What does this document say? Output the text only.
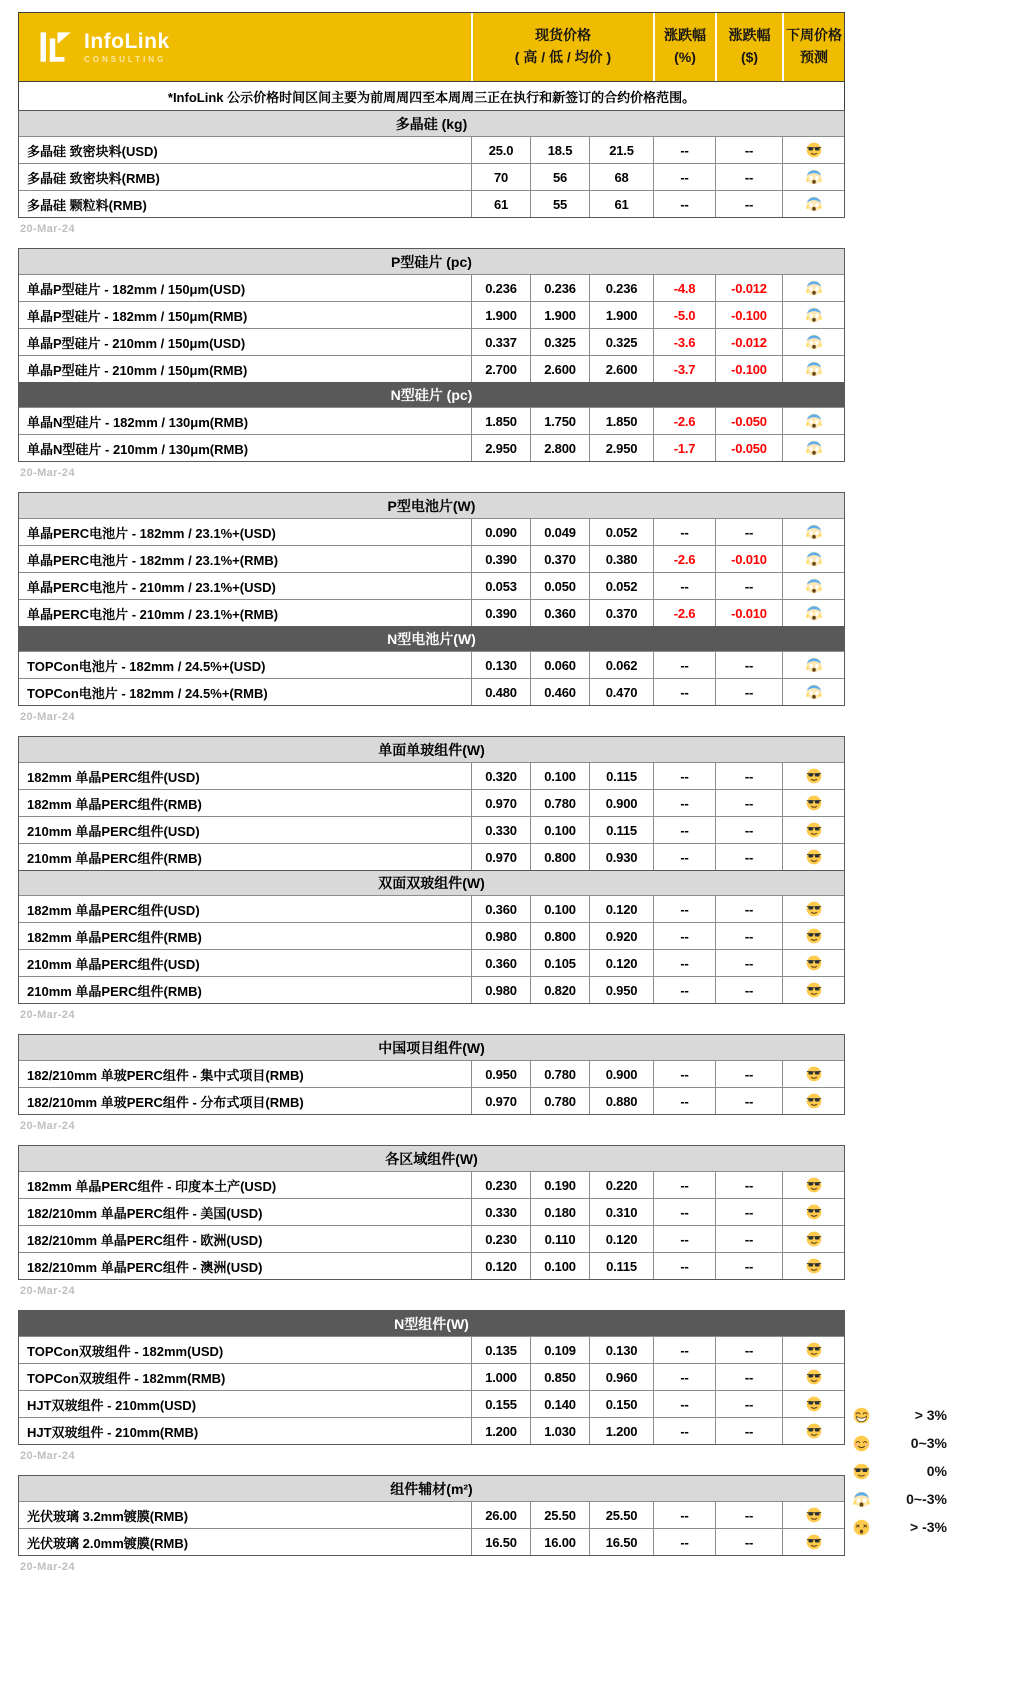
InfoLink
CONSULTING
现货价格
( 高 / 低 / 均价 )
涨跌幅
(%)
涨跌幅
($)
下周价格
预测
*InfoLink 公示价格时间区间主要为前周周四至本周周三正在执行和新签订的合约价格范围。
多晶硅 (kg)
多晶硅 致密块料(USD)	25.0	18.5	21.5	--	--
多晶硅 致密块料(RMB)	70	56	68	--	--
多晶硅 颗粒料(RMB)	61	55	61	--	--
20-Mar-24
P型硅片 (pc)
单晶P型硅片 - 182mm / 150μm(USD)	0.236	0.236	0.236	-4.8	-0.012
单晶P型硅片 - 182mm / 150μm(RMB)	1.900	1.900	1.900	-5.0	-0.100
单晶P型硅片 - 210mm / 150μm(USD)	0.337	0.325	0.325	-3.6	-0.012
单晶P型硅片 - 210mm / 150μm(RMB)	2.700	2.600	2.600	-3.7	-0.100
N型硅片 (pc)
单晶N型硅片 - 182mm / 130μm(RMB)	1.850	1.750	1.850	-2.6	-0.050
单晶N型硅片 - 210mm / 130μm(RMB)	2.950	2.800	2.950	-1.7	-0.050
20-Mar-24
P型电池片(W)
单晶PERC电池片 - 182mm / 23.1%+(USD)	0.090	0.049	0.052	--	--
单晶PERC电池片 - 182mm / 23.1%+(RMB)	0.390	0.370	0.380	-2.6	-0.010
单晶PERC电池片 - 210mm / 23.1%+(USD)	0.053	0.050	0.052	--	--
单晶PERC电池片 - 210mm / 23.1%+(RMB)	0.390	0.360	0.370	-2.6	-0.010
N型电池片(W)
TOPCon电池片 - 182mm / 24.5%+(USD)	0.130	0.060	0.062	--	--
TOPCon电池片 - 182mm / 24.5%+(RMB)	0.480	0.460	0.470	--	--
20-Mar-24
单面单玻组件(W)
182mm 单晶PERC组件(USD)	0.320	0.100	0.115	--	--
182mm 单晶PERC组件(RMB)	0.970	0.780	0.900	--	--
210mm 单晶PERC组件(USD)	0.330	0.100	0.115	--	--
210mm 单晶PERC组件(RMB)	0.970	0.800	0.930	--	--
双面双玻组件(W)
182mm 单晶PERC组件(USD)	0.360	0.100	0.120	--	--
182mm 单晶PERC组件(RMB)	0.980	0.800	0.920	--	--
210mm 单晶PERC组件(USD)	0.360	0.105	0.120	--	--
210mm 单晶PERC组件(RMB)	0.980	0.820	0.950	--	--
20-Mar-24
中国项目组件(W)
182/210mm 单玻PERC组件 - 集中式项目(RMB)	0.950	0.780	0.900	--	--
182/210mm 单玻PERC组件 - 分布式项目(RMB)	0.970	0.780	0.880	--	--
20-Mar-24
各区域组件(W)
182mm 单晶PERC组件 - 印度本土产(USD)	0.230	0.190	0.220	--	--
182/210mm 单晶PERC组件 - 美国(USD)	0.330	0.180	0.310	--	--
182/210mm 单晶PERC组件 - 欧洲(USD)	0.230	0.110	0.120	--	--
182/210mm 单晶PERC组件 - 澳洲(USD)	0.120	0.100	0.115	--	--
20-Mar-24
N型组件(W)
TOPCon双玻组件 - 182mm(USD)	0.135	0.109	0.130	--	--
TOPCon双玻组件 - 182mm(RMB)	1.000	0.850	0.960	--	--
HJT双玻组件 - 210mm(USD)	0.155	0.140	0.150	--	--
HJT双玻组件 - 210mm(RMB)	1.200	1.030	1.200	--	--
20-Mar-24
组件辅材(m²)
光伏玻璃 3.2mm镀膜(RMB)	26.00	25.50	25.50	--	--
光伏玻璃 2.0mm镀膜(RMB)	16.50	16.00	16.50	--	--
20-Mar-24
> 3%
0~3%
0%
0~-3%
> -3%
